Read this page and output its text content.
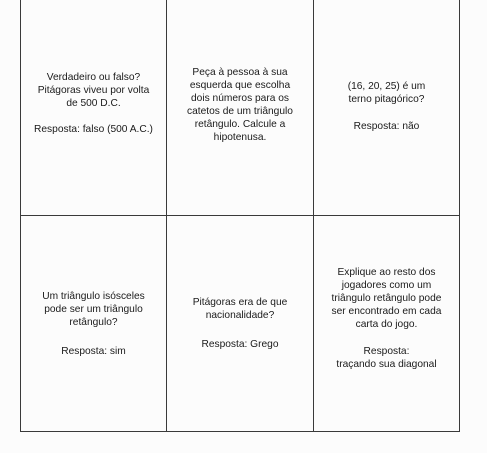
Verdadeiro ou falso?
Pitágoras viveu por volta
de 500 D.C.
Resposta: falso (500 A.C.)
Peça à pessoa à sua
esquerda que escolha
dois números para os
catetos de um triângulo
retângulo. Calcule a
hipotenusa.
(16, 20, 25) é um
terno pitagórico?
Resposta: não
Um triângulo isósceles
pode ser um triângulo
retângulo?
Resposta: sim
Pitágoras era de que
nacionalidade?
Resposta: Grego
Explique ao resto dos
jogadores como um
triângulo retângulo pode
ser encontrado em cada
carta do jogo.
Resposta:
traçando sua diagonal
